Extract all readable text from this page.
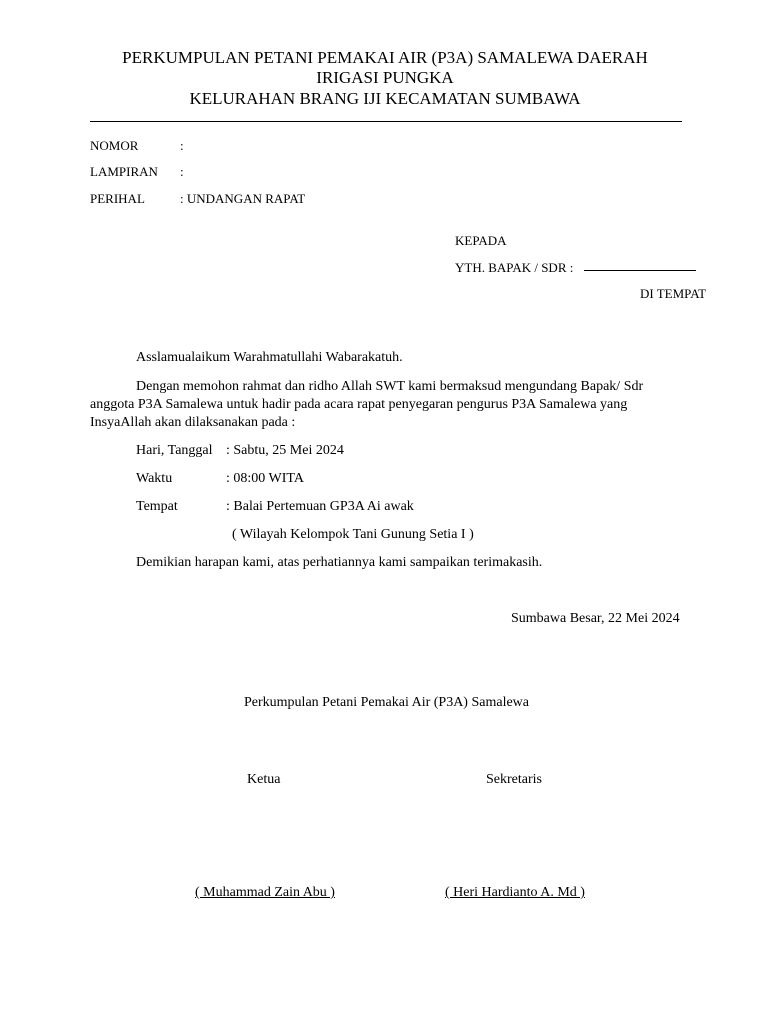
PERKUMPULAN PETANI PEMAKAI AIR (P3A) SAMALEWA DAERAH
IRIGASI PUNGKA
KELURAHAN BRANG IJI KECAMATAN SUMBAWA
NOMOR	:
LAMPIRAN :
PERIHAL	: UNDANGAN RAPAT
KEPADA
YTH. BAPAK / SDR :
DI TEMPAT
Asslamualaikum Warahmatullahi Wabarakatuh.
Dengan memohon rahmat dan ridho Allah SWT kami bermaksud mengundang Bapak/ Sdr
anggota P3A Samalewa untuk hadir pada acara rapat penyegaran pengurus P3A Samalewa yang
InsyaAllah akan dilaksanakan pada :
Hari, Tanggal : Sabtu, 25 Mei 2024
Waktu	: 08:00 WITA
Tempat	: Balai Pertemuan GP3A Ai awak
( Wilayah Kelompok Tani Gunung Setia I )
Demikian harapan kami, atas perhatiannya kami sampaikan terimakasih.
Sumbawa Besar, 22 Mei 2024
Perkumpulan Petani Pemakai Air (P3A) Samalewa
Ketua	Sekretaris
( Muhammad Zain Abu )	( Heri Hardianto A. Md )
